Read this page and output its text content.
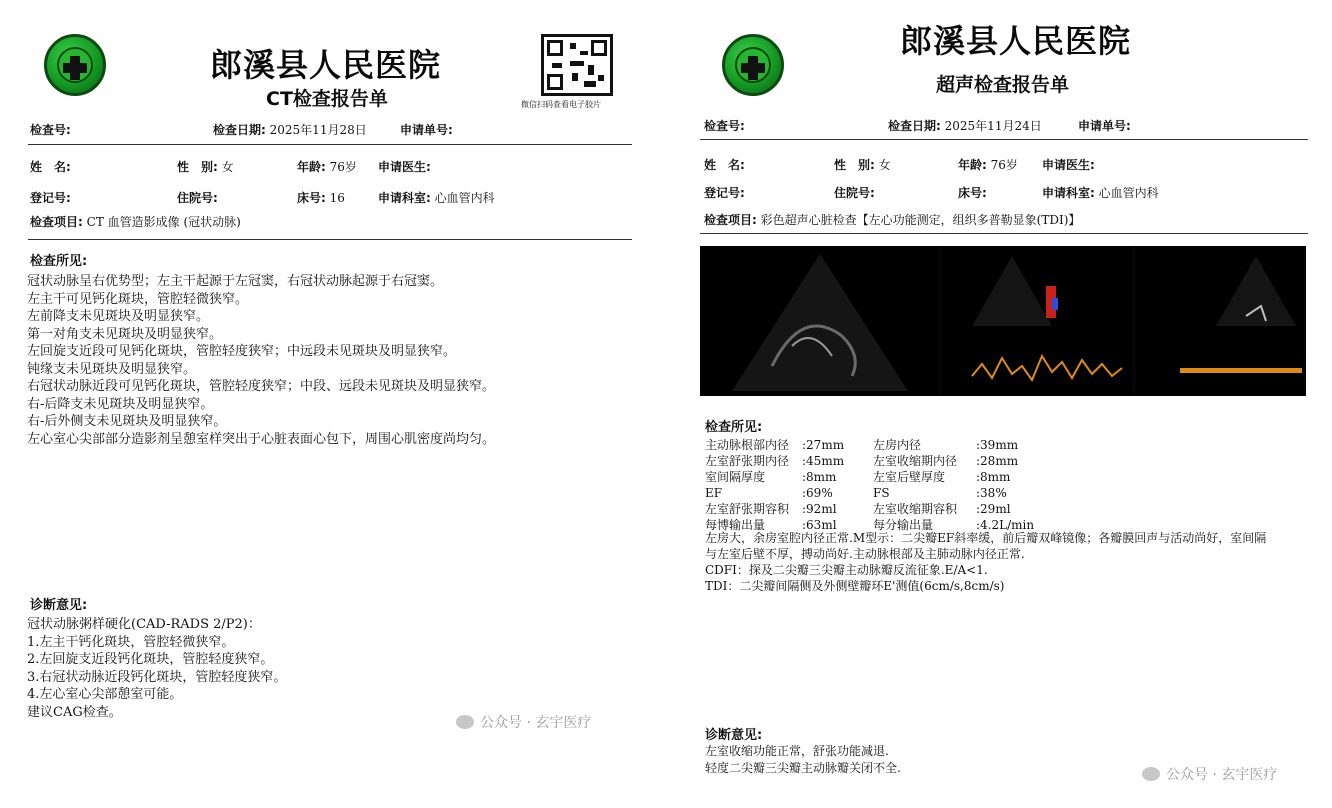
郎溪县人民医院
CT检查报告单	微信扫码查看电子胶片
检查号:	检查日期: 2025年11月28日	申请单号:
姓　名:	性　别: 女	年龄: 76岁 申请医生:
登记号:	住院号:	床号: 16	申请科室: 心血管内科
检查项目: CT 血管造影成像 (冠状动脉)
检查所见:
冠状动脉呈右优势型；左主干起源于左冠窦，右冠状动脉起源于右冠窦。
左主干可见钙化斑块，管腔轻微狭窄。
左前降支未见斑块及明显狭窄。
第一对角支未见斑块及明显狭窄。
左回旋支近段可见钙化斑块，管腔轻度狭窄；中远段未见斑块及明显狭窄。
钝缘支未见斑块及明显狭窄。
右冠状动脉近段可见钙化斑块，管腔轻度狭窄；中段、远段未见斑块及明显狭窄。
右-后降支未见斑块及明显狭窄。
右-后外侧支未见斑块及明显狭窄。
左心室心尖部部分造影剂呈憩室样突出于心脏表面心包下，周围心肌密度尚均匀。
诊断意见:
冠状动脉粥样硬化(CAD-RADS 2/P2)：
1.左主干钙化斑块，管腔轻微狭窄。
2.左回旋支近段钙化斑块，管腔轻度狭窄。
3.右冠状动脉近段钙化斑块，管腔轻度狭窄。
4.左心室心尖部憩室可能。
建议CAG检查。
公众号 · 玄宇医疗
郎溪县人民医院
超声检查报告单
检查号:	检查日期: 2025年11月24日	申请单号:
姓　名:	性　别: 女	年龄: 76岁 申请医生:
登记号:	住院号:	床号:	申请科室: 心血管内科
检查项目: 彩色超声心脏检查【左心功能测定，组织多普勒显象(TDI)】
检查所见:
主动脉根部内径 :27mm 左房内径	:39mm
左室舒张期内径 :45mm 左室收缩期内径 :28mm
室间隔厚度	:8mm	左室后壁厚度	:8mm
EF	:69%	FS	:38%
左室舒张期容积 :92ml	左室收缩期容积 :29ml
每博输出量	:63ml	每分输出量	:4.2L/min
左房大，余房室腔内径正常.M型示：二尖瓣EF斜率缓，前后瓣双峰镜像；各瓣膜回声与活动尚好，室间隔
与左室后壁不厚，搏动尚好.主动脉根部及主肺动脉内径正常.
CDFI：探及二尖瓣三尖瓣主动脉瓣反流征象.E/A<1.
TDI：二尖瓣间隔侧及外侧壁瓣环E'测值(6cm/s,8cm/s)
诊断意见:
左室收缩功能正常，舒张功能减退.
轻度二尖瓣三尖瓣主动脉瓣关闭不全.	公众号 · 玄宇医疗
